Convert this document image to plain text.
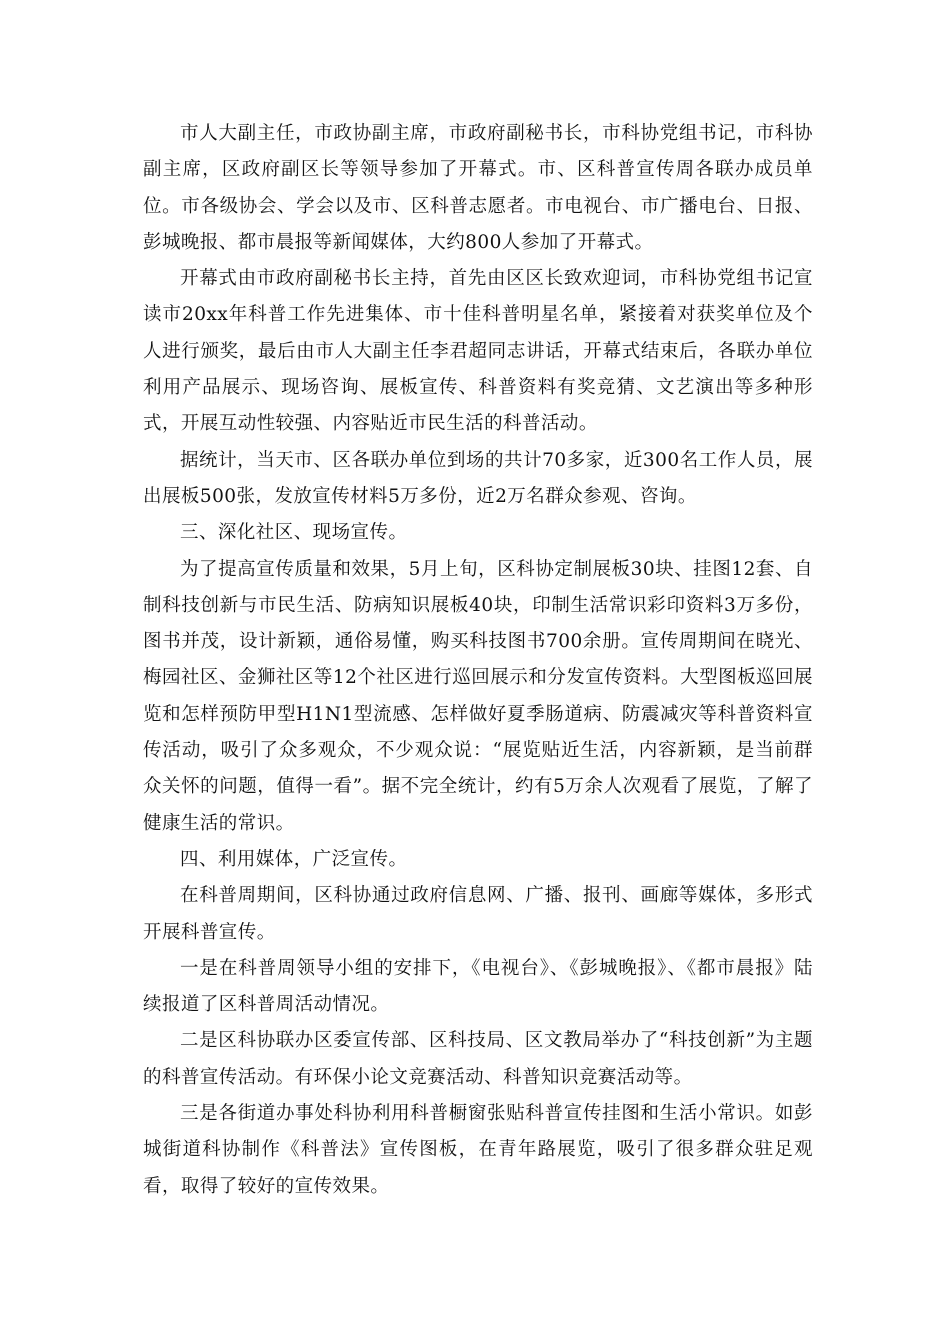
市人大副主任，市政协副主席，市政府副秘书长，市科协党组书记，市科协副主席，区政府副区长等领导参加了开幕式。市、区科普宣传周各联办成员单位。市各级协会、学会以及市、区科普志愿者。市电视台、市广播电台、日报、彭城晚报、都市晨报等新闻媒体，大约800人参加了开幕式。

开幕式由市政府副秘书长主持，首先由区区长致欢迎词，市科协党组书记宣读市20xx年科普工作先进集体、市十佳科普明星名单，紧接着对获奖单位及个人进行颁奖，最后由市人大副主任李君超同志讲话，开幕式结束后，各联办单位利用产品展示、现场咨询、展板宣传、科普资料有奖竞猜、文艺演出等多种形式，开展互动性较强、内容贴近市民生活的科普活动。

据统计，当天市、区各联办单位到场的共计70多家，近300名工作人员，展出展板500张，发放宣传材料5万多份，近2万名群众参观、咨询。

三、深化社区、现场宣传。

为了提高宣传质量和效果，5月上旬，区科协定制展板30块、挂图12套、自制科技创新与市民生活、防病知识展板40块，印制生活常识彩印资料3万多份，图书并茂，设计新颖，通俗易懂，购买科技图书700余册。宣传周期间在晓光、梅园社区、金狮社区等12个社区进行巡回展示和分发宣传资料。大型图板巡回展览和怎样预防甲型H1N1型流感、怎样做好夏季肠道病、防震减灾等科普资料宣传活动，吸引了众多观众，不少观众说：“展览贴近生活，内容新颖，是当前群众关怀的问题，值得一看”。据不完全统计，约有5万余人次观看了展览，了解了健康生活的常识。

四、利用媒体，广泛宣传。

在科普周期间，区科协通过政府信息网、广播、报刊、画廊等媒体，多形式开展科普宣传。

一是在科普周领导小组的安排下，《电视台》、《彭城晚报》、《都市晨报》陆续报道了区科普周活动情况。

二是区科协联办区委宣传部、区科技局、区文教局举办了“科技创新”为主题的科普宣传活动。有环保小论文竞赛活动、科普知识竞赛活动等。

三是各街道办事处科协利用科普橱窗张贴科普宣传挂图和生活小常识。如彭城街道科协制作《科普法》宣传图板，在青年路展览，吸引了很多群众驻足观看，取得了较好的宣传效果。
